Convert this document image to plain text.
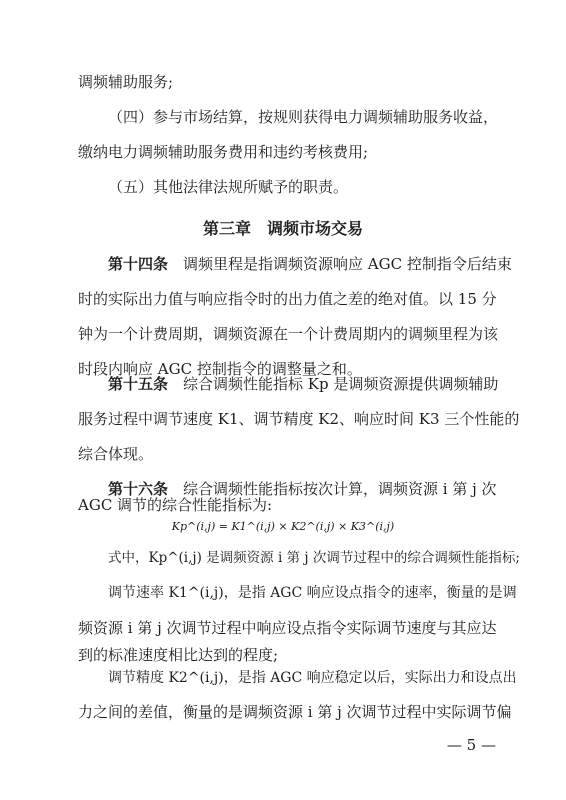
调频辅助服务;

（四）参与市场结算，按规则获得电力调频辅助服务收益，

缴纳电力调频辅助服务费用和违约考核费用;

（五）其他法律法规所赋予的职责。

第三章　调频市场交易

第十四条　 调频里程是指调频资源响应 AGC 控制指令后结束

时的实际出力值与响应指令时的出力值之差的绝对值。以 15 分

钟为一个计费周期，调频资源在一个计费周期内的调频里程为该

时段内响应 AGC 控制指令的调整量之和。

第十五条　 综合调频性能指标 Kp 是调频资源提供调频辅助

服务过程中调节速度 K1、调节精度 K2、响应时间 K3 三个性能的

综合体现。

第十六条　 综合调频性能指标按次计算，调频资源 i 第 j 次

AGC 调节的综合性能指标为:

Kp^(i,j) = K1^(i,j) × K2^(i,j) × K3^(i,j)

式中，Kp^(i,j) 是调频资源 i 第 j 次调节过程中的综合调频性能指标;

调节速率 K1^(i,j)，是指 AGC 响应设点指令的速率，衡量的是调

频资源 i 第 j 次调节过程中响应设点指令实际调节速度与其应达

到的标准速度相比达到的程度;

调节精度 K2^(i,j)，是指 AGC 响应稳定以后，实际出力和设点出

力之间的差值，衡量的是调频资源 i 第 j 次调节过程中实际调节偏

— 5 —
